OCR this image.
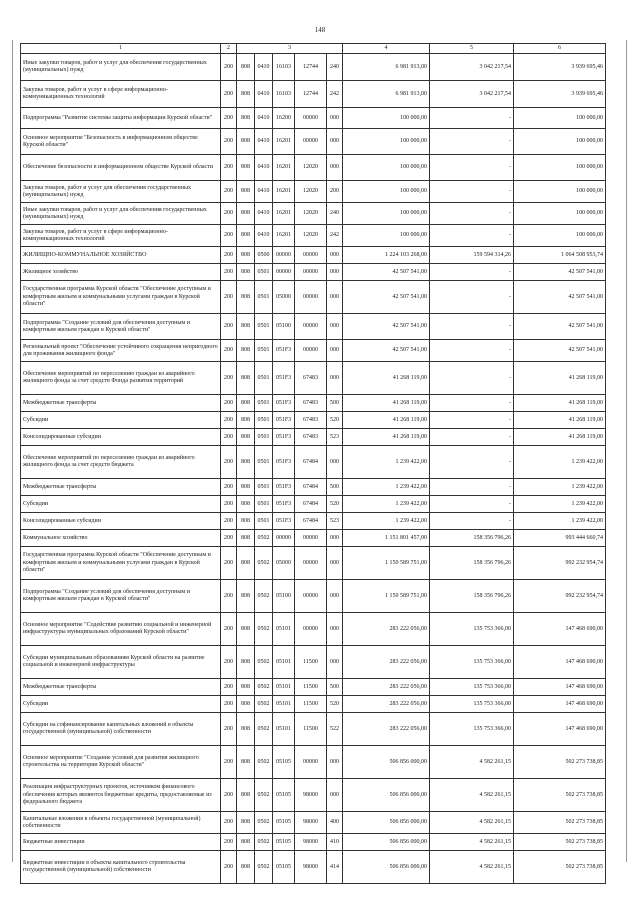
148
1	2	3					4	5	6
Иные закупки товаров, работ и услуг для обеспечения государственных (муниципальных) нужд	200	808	0410	16103	12744	240	6 981 913,00	3 042 217,54	3 939 695,46
Закупка товаров, работ и услуг в сфере информационно-коммуникационных технологий	200	808	0410	16103	12744	242	6 981 913,00	3 042 217,54	3 939 695,46
Подпрограмма "Развитие системы защиты информации Курской области"	200	808	0410	16200	00000	000	100 000,00	-	100 000,00
Основное мероприятие "Безопасность в информационном обществе Курской области"	200	808	0410	16201	00000	000	100 000,00	-	100 000,00
Обеспечение безопасности в информационном обществе Курской области	200	808	0410	16201	12020	000	100 000,00	-	100 000,00
Закупка товаров, работ и услуг для обеспечения государственных (муниципальных) нужд	200	808	0410	16201	12020	200	100 000,00	-	100 000,00
Иные закупки товаров, работ и услуг для обеспечения государственных (муниципальных) нужд	200	808	0410	16201	12020	240	100 000,00	-	100 000,00
Закупка товаров, работ и услуг в сфере информационно-коммуникационных технологий	200	808	0410	16201	12020	242	100 000,00	-	100 000,00
ЖИЛИЩНО-КОММУНАЛЬНОЕ ХОЗЯЙСТВО	200	808	0500	00000	00000	000	1 224 103 268,00	159 594 314,26	1 064 508 953,74
Жилищное хозяйство	200	808	0501	00000	00000	000	42 507 541,00	-	42 507 541,00
Государственная программа Курской области "Обеспечение доступным и комфортным жильем и коммунальными услугами граждан в Курской области"	200	808	0501	05000	00000	000	42 507 541,00	-	42 507 541,00
Подпрограмма "Создание условий для обеспечения доступным и комфортным жильем граждан в Курской области"	200	808	0501	05100	00000	000	42 507 541,00	-	42 507 541,00
Региональный проект "Обеспечение устойчивого сокращения непригодного для проживания жилищного фонда"	200	808	0501	051F3	00000	000	42 507 541,00	-	42 507 541,00
Обеспечение мероприятий по переселению граждан из аварийного жилищного фонда за счет средств Фонда развития территорий	200	808	0501	051F3	67483	000	41 268 119,00	-	41 268 119,00
Межбюджетные трансферты	200	808	0501	051F3	67483	500	41 268 119,00	-	41 268 119,00
Субсидии	200	808	0501	051F3	67483	520	41 268 119,00	-	41 268 119,00
Консолидированные субсидии	200	808	0501	051F3	67483	523	41 268 119,00	-	41 268 119,00
Обеспечение мероприятий по переселению граждан из аварийного жилищного фонда за счет средств бюджета	200	808	0501	051F3	67484	000	1 239 422,00	-	1 239 422,00
Межбюджетные трансферты	200	808	0501	051F3	67484	500	1 239 422,00	-	1 239 422,00
Субсидии	200	808	0501	051F3	67484	520	1 239 422,00	-	1 239 422,00
Консолидированные субсидии	200	808	0501	051F3	67484	523	1 239 422,00	-	1 239 422,00
Коммунальное хозяйство	200	808	0502	00000	00000	000	1 151 801 457,00	158 356 796,26	993 444 660,74
Государственная программа Курской области "Обеспечение доступным и комфортным жильем и коммунальными услугами граждан в Курской области"	200	808	0502	05000	00000	000	1 150 589 751,00	158 356 796,26	992 232 954,74
Подпрограмма "Создание условий для обеспечения доступным и комфортным жильем граждан в Курской области"	200	808	0502	05100	00000	000	1 150 589 751,00	158 356 796,26	992 232 954,74
Основное мероприятие "Содействие развитию социальной и инженерной инфраструктуры муниципальных образований Курской области"	200	808	0502	05101	00000	000	283 222 056,00	135 753 366,00	147 468 690,00
Субсидии муниципальным образованиям Курской области на развитие социальной и инженерной инфраструктуры	200	808	0502	05101	11500	000	283 222 056,00	135 753 366,00	147 468 690,00
Межбюджетные трансферты	200	808	0502	05101	11500	500	283 222 056,00	135 753 366,00	147 468 690,00
Субсидии	200	808	0502	05101	11500	520	283 222 056,00	135 753 366,00	147 468 690,00
Субсидии на софинансирование капитальных вложений в объекты государственной (муниципальной) собственности	200	808	0502	05101	11500	522	283 222 056,00	135 753 366,00	147 468 690,00
Основное мероприятие "Создание условий для развития жилищного строительства на территории Курской области"	200	808	0502	05105	00000	000	506 856 000,00	4 582 261,15	502 273 738,85
Реализация инфраструктурных проектов, источником финансового обеспечения которых являются бюджетные кредиты, предоставляемые из федерального бюджета	200	808	0502	05105	98000	000	506 856 000,00	4 582 261,15	502 273 738,85
Капитальные вложения в объекты государственной (муниципальной) собственности	200	808	0502	05105	98000	400	506 856 000,00	4 582 261,15	502 273 738,85
Бюджетные инвестиции	200	808	0502	05105	98000	410	506 856 000,00	4 582 261,15	502 273 738,85
Бюджетные инвестиции в объекты капитального строительства государственной (муниципальной) собственности	200	808	0502	05105	98000	414	506 856 000,00	4 582 261,15	502 273 738,85
